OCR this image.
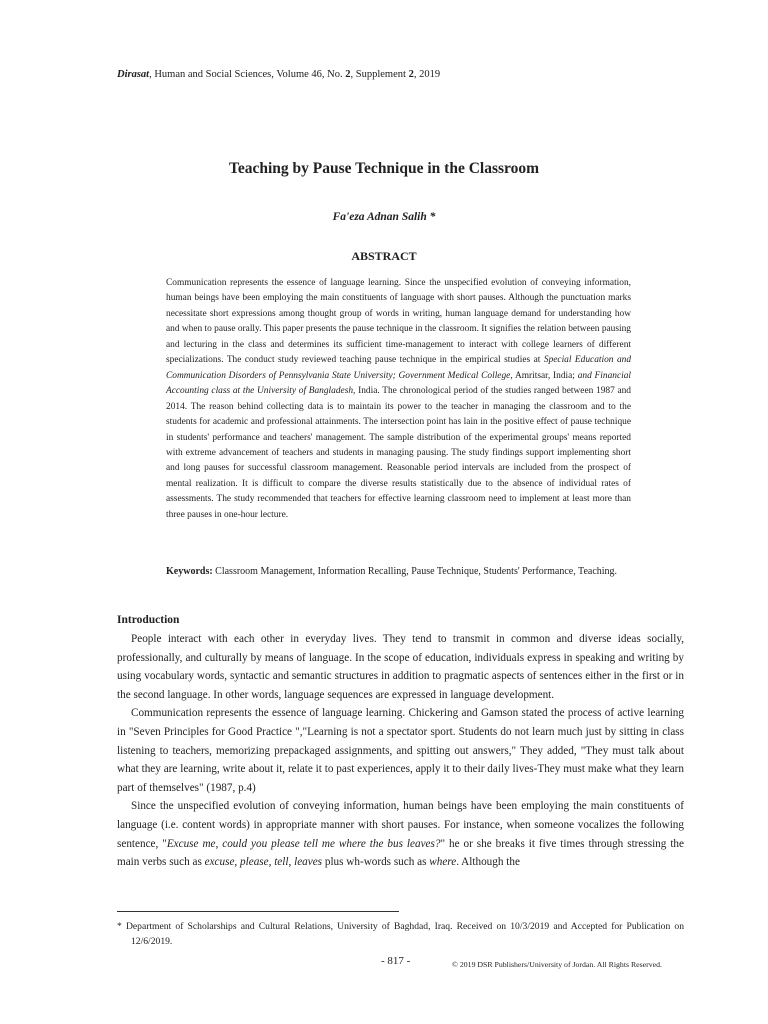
Dirasat, Human and Social Sciences, Volume 46, No. 2, Supplement 2, 2019
Teaching by Pause Technique in the Classroom
Fa'eza Adnan Salih *
ABSTRACT
Communication represents the essence of language learning. Since the unspecified evolution of conveying information, human beings have been employing the main constituents of language with short pauses. Although the punctuation marks necessitate short expressions among thought group of words in writing, human language demand for understanding how and when to pause orally. This paper presents the pause technique in the classroom. It signifies the relation between pausing and lecturing in the class and determines its sufficient time-management to interact with college learners of different specializations. The conduct study reviewed teaching pause technique in the empirical studies at Special Education and Communication Disorders of Pennsylvania State University; Government Medical College, Amritsar, India; and Financial Accounting class at the University of Bangladesh, India. The chronological period of the studies ranged between 1987 and 2014. The reason behind collecting data is to maintain its power to the teacher in managing the classroom and to the students for academic and professional attainments. The intersection point has lain in the positive effect of pause technique in students' performance and teachers' management. The sample distribution of the experimental groups' means reported with extreme advancement of teachers and students in managing pausing. The study findings support implementing short and long pauses for successful classroom management. Reasonable period intervals are included from the prospect of mental realization. It is difficult to compare the diverse results statistically due to the absence of individual rates of assessments. The study recommended that teachers for effective learning classroom need to implement at least more than three pauses in one-hour lecture.
Keywords: Classroom Management, Information Recalling, Pause Technique, Students' Performance, Teaching.
Introduction

People interact with each other in everyday lives. They tend to transmit in common and diverse ideas socially, professionally, and culturally by means of language. In the scope of education, individuals express in speaking and writing by using vocabulary words, syntactic and semantic structures in addition to pragmatic aspects of sentences either in the first or in the second language. In other words, language sequences are expressed in language development.

Communication represents the essence of language learning. Chickering and Gamson stated the process of active learning in "Seven Principles for Good Practice ","Learning is not a spectator sport. Students do not learn much just by sitting in class listening to teachers, memorizing prepackaged assignments, and spitting out answers," They added, "They must talk about what they are learning, write about it, relate it to past experiences, apply it to their daily lives-They must make what they learn part of themselves" (1987, p.4)

Since the unspecified evolution of conveying information, human beings have been employing the main constituents of language (i.e. content words) in appropriate manner with short pauses. For instance, when someone vocalizes the following sentence, "Excuse me, could you please tell me where the bus leaves?" he or she breaks it five times through stressing the main verbs such as excuse, please, tell, leaves plus wh-words such as where. Although the

* Department of Scholarships and Cultural Relations, University of Baghdad, Iraq. Received on 10/3/2019 and Accepted for Publication on 12/6/2019.
- 817 -	© 2019 DSR Publishers/University of Jordan. All Rights Reserved.
